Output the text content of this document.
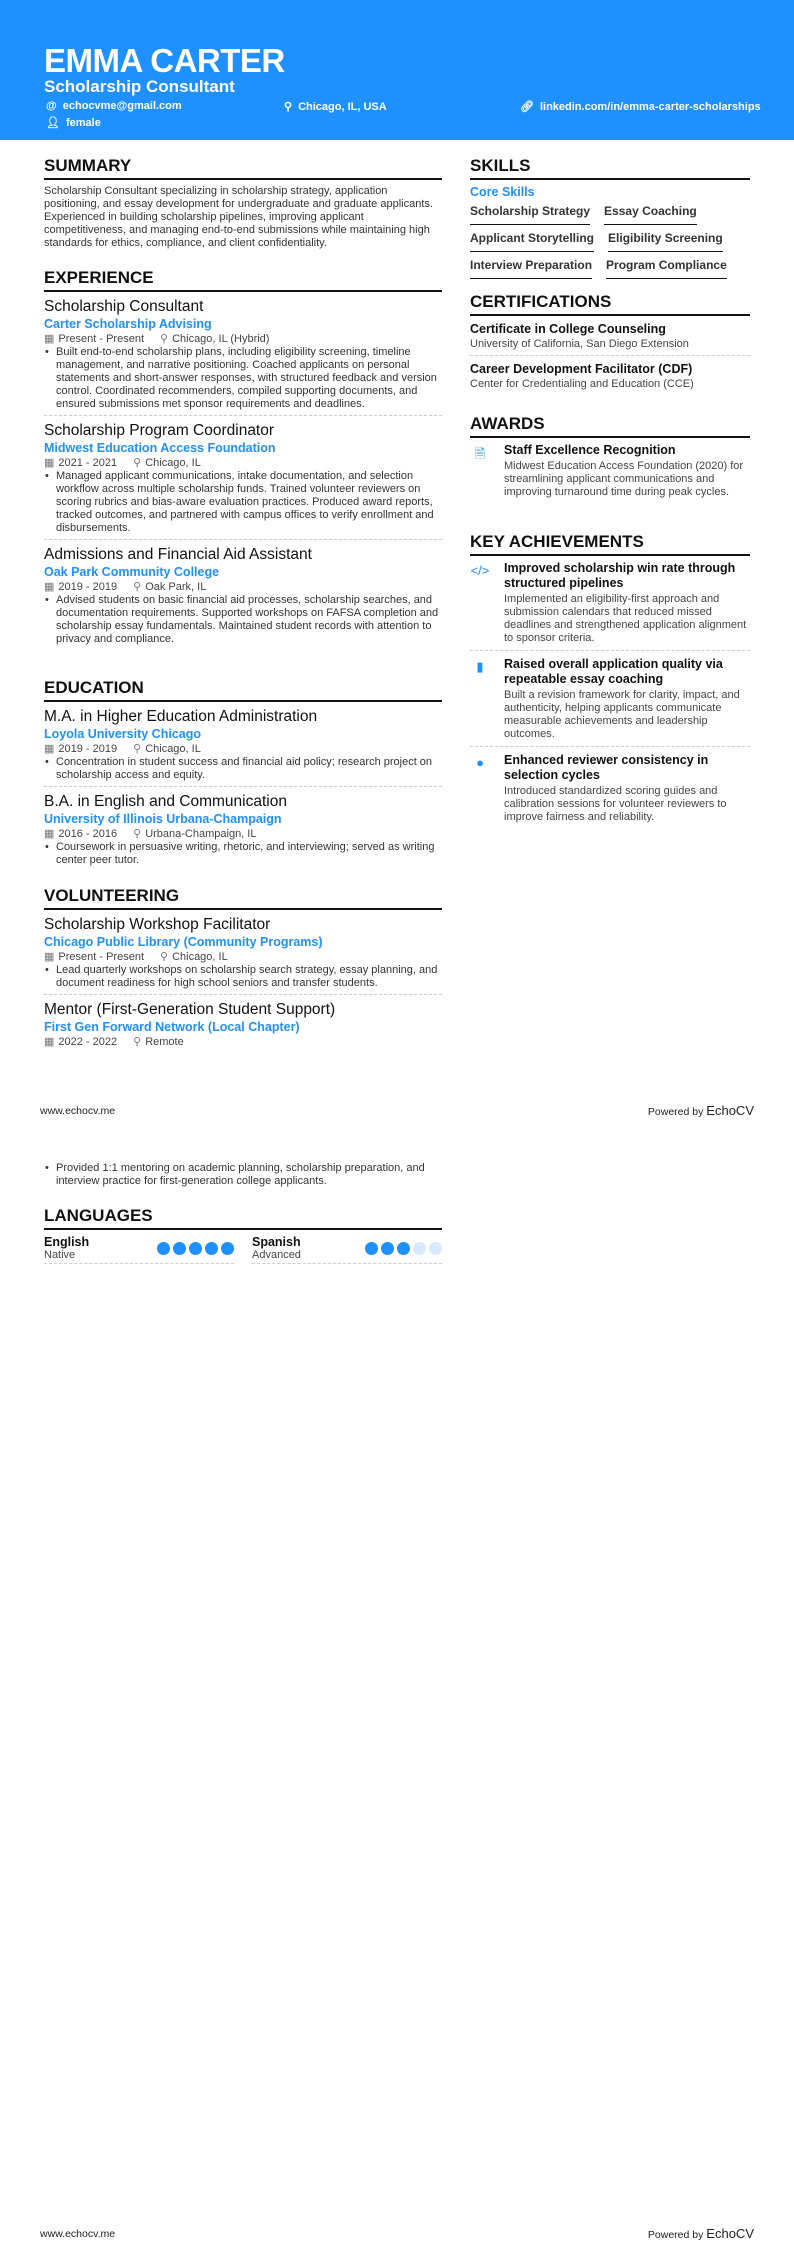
EMMA CARTER
Scholarship Consultant
@ echocvme@gmail.com	⚲ Chicago, IL, USA	🔗︎ linkedin.com/in/emma-carter-scholarships
👤︎ female
SUMMARY
Scholarship Consultant specializing in scholarship strategy, application positioning, and essay development for undergraduate and graduate applicants. Experienced in building scholarship pipelines, improving applicant competitiveness, and managing end-to-end submissions while maintaining high standards for ethics, compliance, and client confidentiality.
EXPERIENCE
Scholarship Consultant
Carter Scholarship Advising
▦ Present - Present ⚲ Chicago, IL (Hybrid)
• Built end-to-end scholarship plans, including eligibility screening, timeline management, and narrative positioning. Coached applicants on personal statements and short-answer responses, with structured feedback and version control. Coordinated recommenders, compiled supporting documents, and ensured submissions met sponsor requirements and deadlines.
Scholarship Program Coordinator
Midwest Education Access Foundation
▦ 2021 - 2021 ⚲ Chicago, IL
• Managed applicant communications, intake documentation, and selection workflow across multiple scholarship funds. Trained volunteer reviewers on scoring rubrics and bias-aware evaluation practices. Produced award reports, tracked outcomes, and partnered with campus offices to verify enrollment and disbursements.
Admissions and Financial Aid Assistant
Oak Park Community College
▦ 2019 - 2019 ⚲ Oak Park, IL
• Advised students on basic financial aid processes, scholarship searches, and documentation requirements. Supported workshops on FAFSA completion and scholarship essay fundamentals. Maintained student records with attention to privacy and compliance.
EDUCATION
M.A. in Higher Education Administration
Loyola University Chicago
▦ 2019 - 2019 ⚲ Chicago, IL
• Concentration in student success and financial aid policy; research project on scholarship access and equity.
B.A. in English and Communication
University of Illinois Urbana-Champaign
▦ 2016 - 2016 ⚲ Urbana-Champaign, IL
• Coursework in persuasive writing, rhetoric, and interviewing; served as writing center peer tutor.
VOLUNTEERING
Scholarship Workshop Facilitator
Chicago Public Library (Community Programs)
▦ Present - Present ⚲ Chicago, IL
• Lead quarterly workshops on scholarship search strategy, essay planning, and document readiness for high school seniors and transfer students.
Mentor (First-Generation Student Support)
First Gen Forward Network (Local Chapter)
▦ 2022 - 2022 ⚲ Remote
SKILLS
Core Skills
Scholarship Strategy Essay Coaching
Applicant Storytelling Eligibility Screening
Interview Preparation Program Compliance
CERTIFICATIONS
Certificate in College Counseling
University of California, San Diego Extension
Career Development Facilitator (CDF)
Center for Credentialing and Education (CCE)
AWARDS
🗎︎	Staff Excellence Recognition
Midwest Education Access Foundation (2020) for streamlining applicant communications and improving turnaround time during peak cycles.
KEY ACHIEVEMENTS
</> Improved scholarship win rate through structured pipelines
Implemented an eligibility-first approach and submission calendars that reduced missed deadlines and strengthened application alignment to sponsor criteria.
▮	Raised overall application quality via repeatable essay coaching
Built a revision framework for clarity, impact, and authenticity, helping applicants communicate measurable achievements and leadership outcomes.
●	Enhanced reviewer consistency in selection cycles
Introduced standardized scoring guides and calibration sessions for volunteer reviewers to improve fairness and reliability.
www.echocv.me	Powered by EchoCV
• Provided 1:1 mentoring on academic planning, scholarship preparation, and interview practice for first-generation college applicants.
LANGUAGES
English
Native
Spanish
Advanced
www.echocv.me	Powered by EchoCV
